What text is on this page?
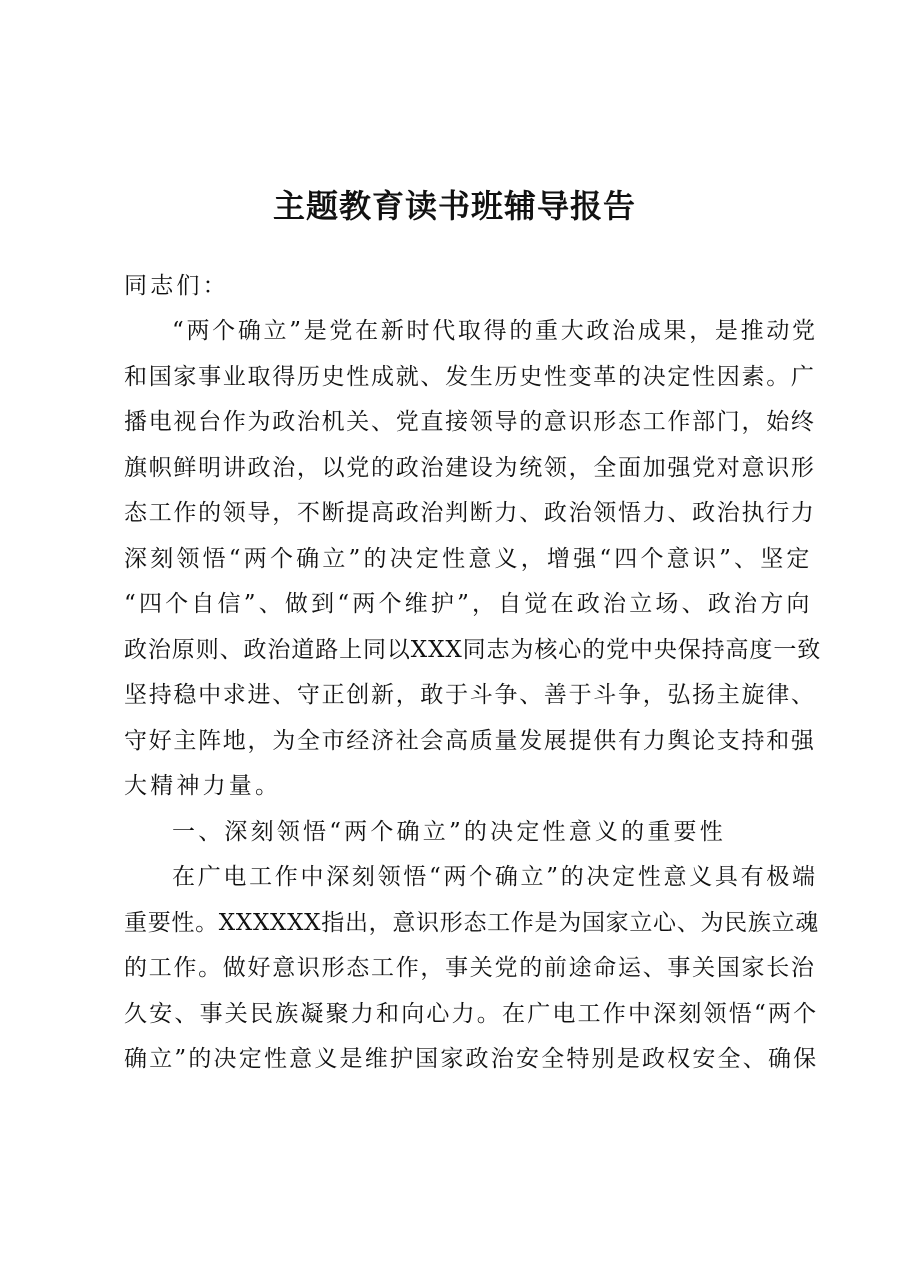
主题教育读书班辅导报告
同志们：
“两个确立”是党在新时代取得的重大政治成果，是推动党
和国家事业取得历史性成就、发生历史性变革的决定性因素。广
播电视台作为政治机关、党直接领导的意识形态工作部门，始终
旗帜鲜明讲政治，以党的政治建设为统领，全面加强党对意识形
态工作的领导，不断提高政治判断力、政治领悟力、政治执行力
深刻领悟“两个确立”的决定性意义，增强“四个意识”、坚定
“四个自信”、做到“两个维护”，自觉在政治立场、政治方向
政治原则、政治道路上同以XXX同志为核心的党中央保持高度一致
坚持稳中求进、守正创新，敢于斗争、善于斗争，弘扬主旋律、
守好主阵地，为全市经济社会高质量发展提供有力舆论支持和强
大精神力量。
一、深刻领悟“两个确立”的决定性意义的重要性
在广电工作中深刻领悟“两个确立”的决定性意义具有极端
重要性。XXXXXX指出，意识形态工作是为国家立心、为民族立魂
的工作。做好意识形态工作，事关党的前途命运、事关国家长治
久安、事关民族凝聚力和向心力。在广电工作中深刻领悟“两个
确立”的决定性意义是维护国家政治安全特别是政权安全、确保
